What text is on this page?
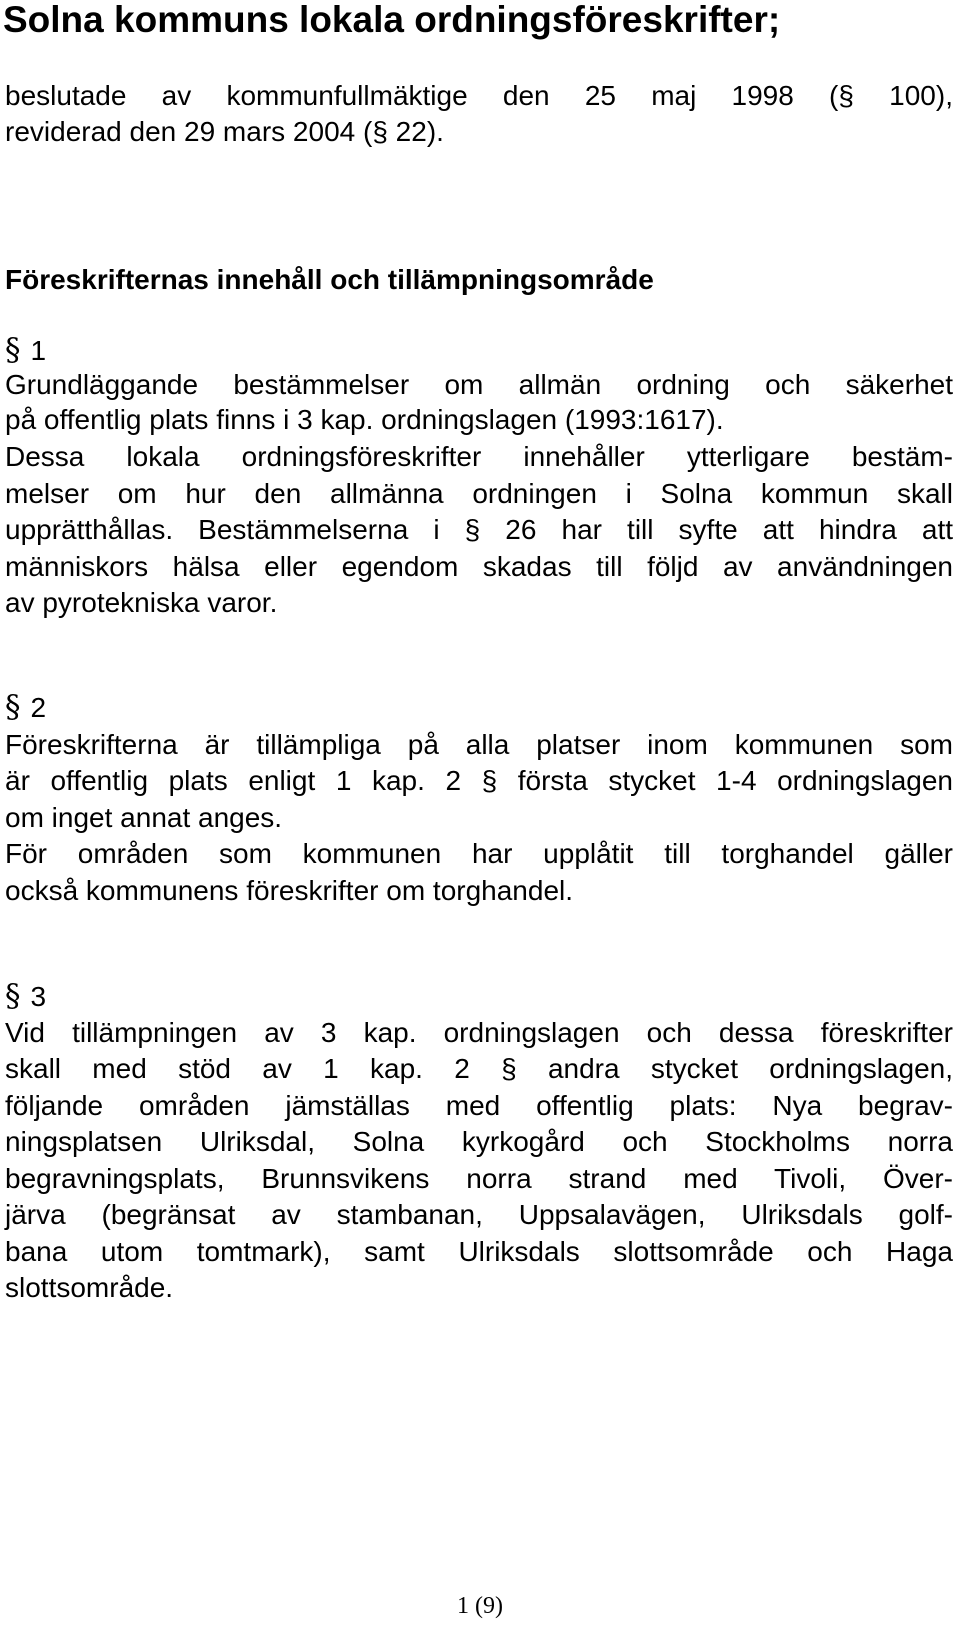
Solna kommuns lokala ordningsföreskrifter;
beslutade av kommunfullmäktige den 25 maj 1998 (§ 100),
reviderad den 29 mars 2004 (§ 22).
Föreskrifternas innehåll och tillämpningsområde
§ 1
Grundläggande bestämmelser om allmän ordning och säkerhet
på offentlig plats finns i 3 kap. ordningslagen (1993:1617).
Dessa lokala ordningsföreskrifter innehåller ytterligare bestäm-
melser om hur den allmänna ordningen i Solna kommun skall
upprätthållas. Bestämmelserna i § 26 har till syfte att hindra att
människors hälsa eller egendom skadas till följd av användningen
av pyrotekniska varor.
§ 2
Föreskrifterna är tillämpliga på alla platser inom kommunen som
är offentlig plats enligt 1 kap. 2 § första stycket 1-4 ordningslagen
om inget annat anges.
För områden som kommunen har upplåtit till torghandel gäller
också kommunens föreskrifter om torghandel.
§ 3
Vid tillämpningen av 3 kap. ordningslagen och dessa föreskrifter
skall med stöd av 1 kap. 2 § andra stycket ordningslagen,
följande områden jämställas med offentlig plats: Nya begrav-
ningsplatsen Ulriksdal, Solna kyrkogård och Stockholms norra
begravningsplats, Brunnsvikens norra strand med Tivoli, Över-
järva (begränsat av stambanan, Uppsalavägen, Ulriksdals golf-
bana utom tomtmark), samt Ulriksdals slottsområde och Haga
slottsområde.
1 (9)
